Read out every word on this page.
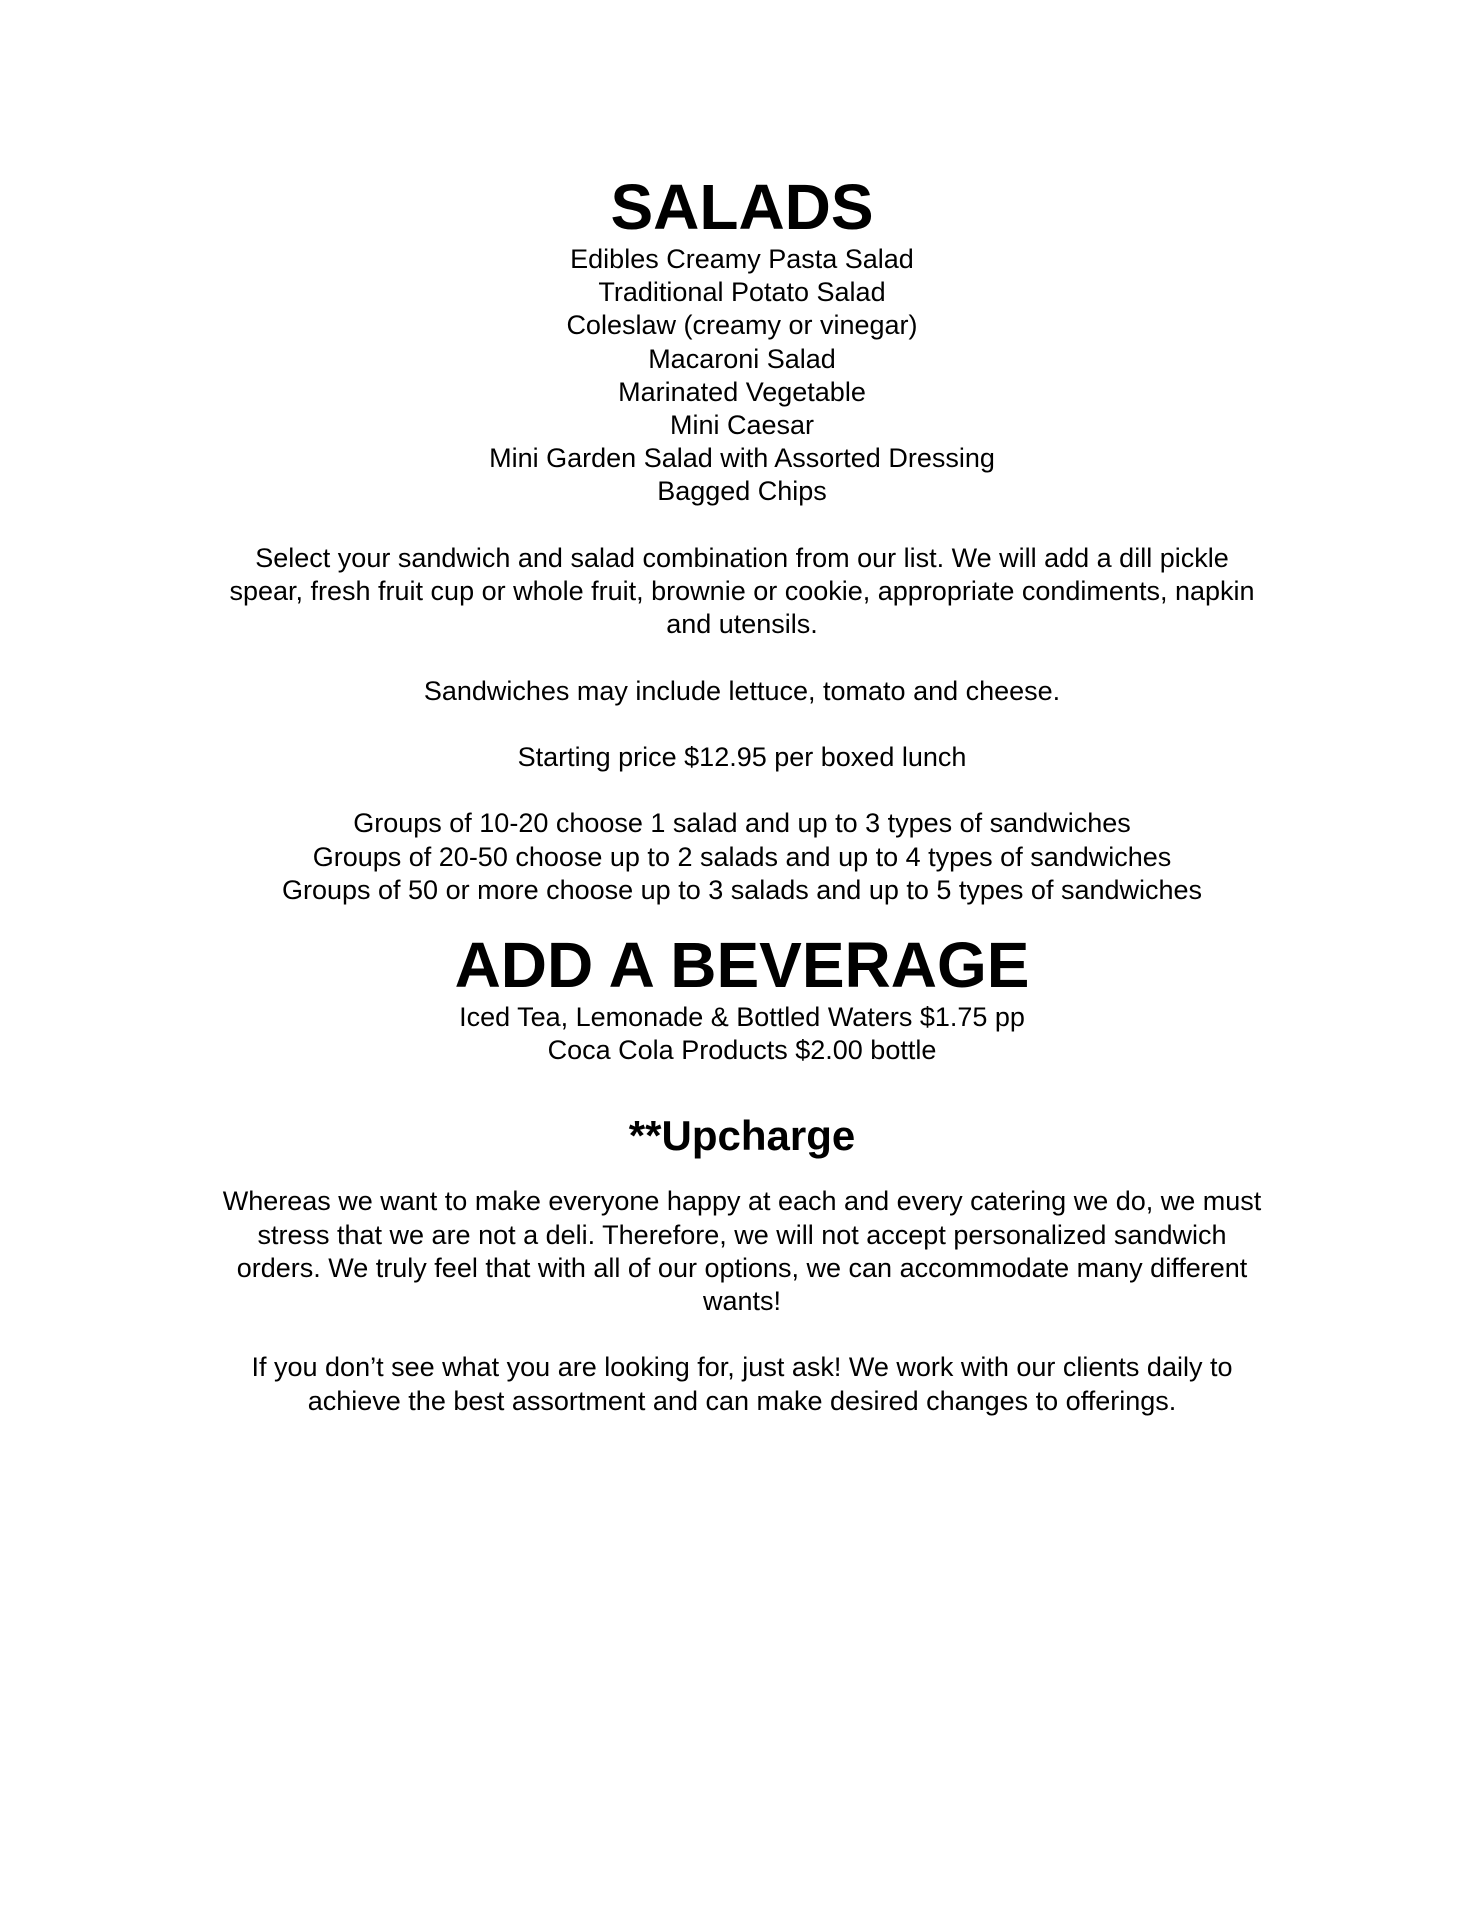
SALADS
Edibles Creamy Pasta Salad
Traditional Potato Salad
Coleslaw (creamy or vinegar)
Macaroni Salad
Marinated Vegetable
Mini Caesar
Mini Garden Salad with Assorted Dressing
Bagged Chips

Select your sandwich and salad combination from our list. We will add a dill pickle

spear, fresh fruit cup or whole fruit, brownie or cookie, appropriate condiments, napkin

and utensils.

Sandwiches may include lettuce, tomato and cheese.

Starting price $12.95 per boxed lunch

Groups of 10-20 choose 1 salad and up to 3 types of sandwiches

Groups of 20-50 choose up to 2 salads and up to 4 types of sandwiches

Groups of 50 or more choose up to 3 salads and up to 5 types of sandwiches

ADD A BEVERAGE

Iced Tea, Lemonade & Bottled Waters $1.75 pp

Coca Cola Products $2.00 bottle

**Upcharge

Whereas we want to make everyone happy at each and every catering we do, we must

stress that we are not a deli. Therefore, we will not accept personalized sandwich

orders. We truly feel that with all of our options, we can accommodate many different

wants!

If you don’t see what you are looking for, just ask! We work with our clients daily to

achieve the best assortment and can make desired changes to offerings.
